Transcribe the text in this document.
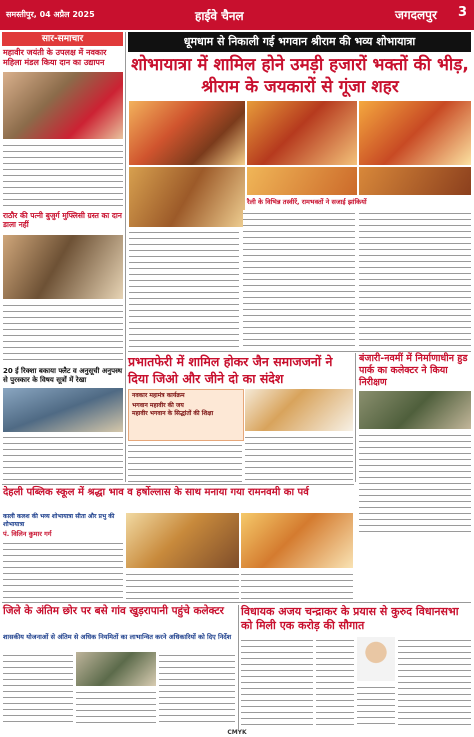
समस्तीपुर, 04 अप्रैल 2025	हाईवे चैनल	जगदलपुर 3
सार-समाचार
महावीर जयंती के उपलक्ष में नवकार महिला मंडल किया दान का उद्यापन
राठौर की पत्नी बुजुर्ग मुफ्लिसी ग्रस्त का दान डाला नहीं
20 ई रिक्शा बकाया फ्लैट व अनुसूची अनुपस्थ से पुरस्कार के विषय सूत्रों में रेखा
धूमधाम से निकाली गई भगवान श्रीराम की भव्य शोभायात्रा
शोभायात्रा में शामिल होने उमड़ी हजारों भक्तों की भीड़, श्रीराम के जयकारों से गूंजा शहर
रैली के विभिन्न तस्वीरें, रामभक्तों ने सजाई झांकियों
प्रभातफेरी में शामिल होकर जैन समाजजनों ने दिया जिओ और जीने दो का संदेश
नवकार महामंत्र कार्यक्रम
भगवान महावीर की जय
महावीर भगवान के सिद्धांतों की शिक्षा
बंजारी-नवमीं में निर्माणाधीन हुड पार्क का कलेक्टर ने किया निरीक्षण
देहली पब्लिक स्कूल में श्रद्धा भाव व हर्षोल्लास के साथ मनाया गया रामनवमी का पर्व
काली कलश की भव्य शोभायात्रा सीता और प्रभु की शोभायात्रा
पं. विलिन कुमार गर्ग
जिले के अंतिम छोर पर बसे गांव खुड़रापानी पहुंचे कलेक्टर
शासकीय योजनाओं से अंतिम से अधिक नियमितों का लाभान्वित करने अधिकारियों को दिए निर्देश
विधायक अजय चन्द्राकर के प्रयास से कुरुद विधानसभा को मिली एक करोड़ की सौगात
CMYK
